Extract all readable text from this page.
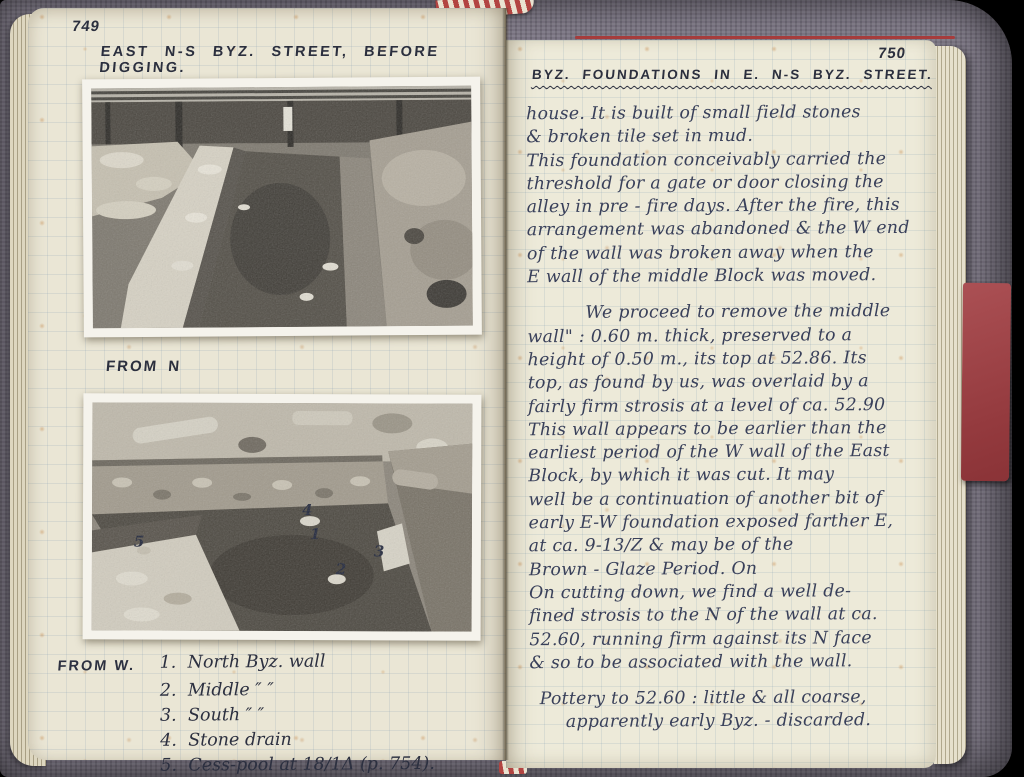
749
EAST N-S BYZ. STREET, BEFORE DIGGING.
FROM N
1
2
3
4
5
FROM W.	1. North Byz. wall
2. Middle ″ ″
3. South ″ ″
4. Stone drain
5. Cess-pool at 18/1Δ (p. 754).
750
BYZ. FOUNDATIONS IN E. N-S BYZ. STREET.
house. It is built of small field stones
& broken tile set in mud.
This foundation conceivably carried the
threshold for a gate or door closing the
alley in pre - fire days. After the fire, this
arrangement was abandoned & the W end
of the wall was broken away when the
E wall of the middle Block was moved.
We proceed to remove the middle
wall" : 0.60 m. thick, preserved to a
height of 0.50 m., its top at 52.86. Its
top, as found by us, was overlaid by a
fairly firm strosis at a level of ca. 52.90
This wall appears to be earlier than the
earliest period of the W wall of the East
Block, by which it was cut. It may
well be a continuation of another bit of
early E-W foundation exposed farther E,
at ca. 9-13/Z & may be of the
Brown - Glaze Period. On
On cutting down, we find a well de-
fined strosis to the N of the wall at ca.
52.60, running firm against its N face
& so to be associated with the wall.
Pottery to 52.60 : little & all coarse,
apparently early Byz. - discarded.
